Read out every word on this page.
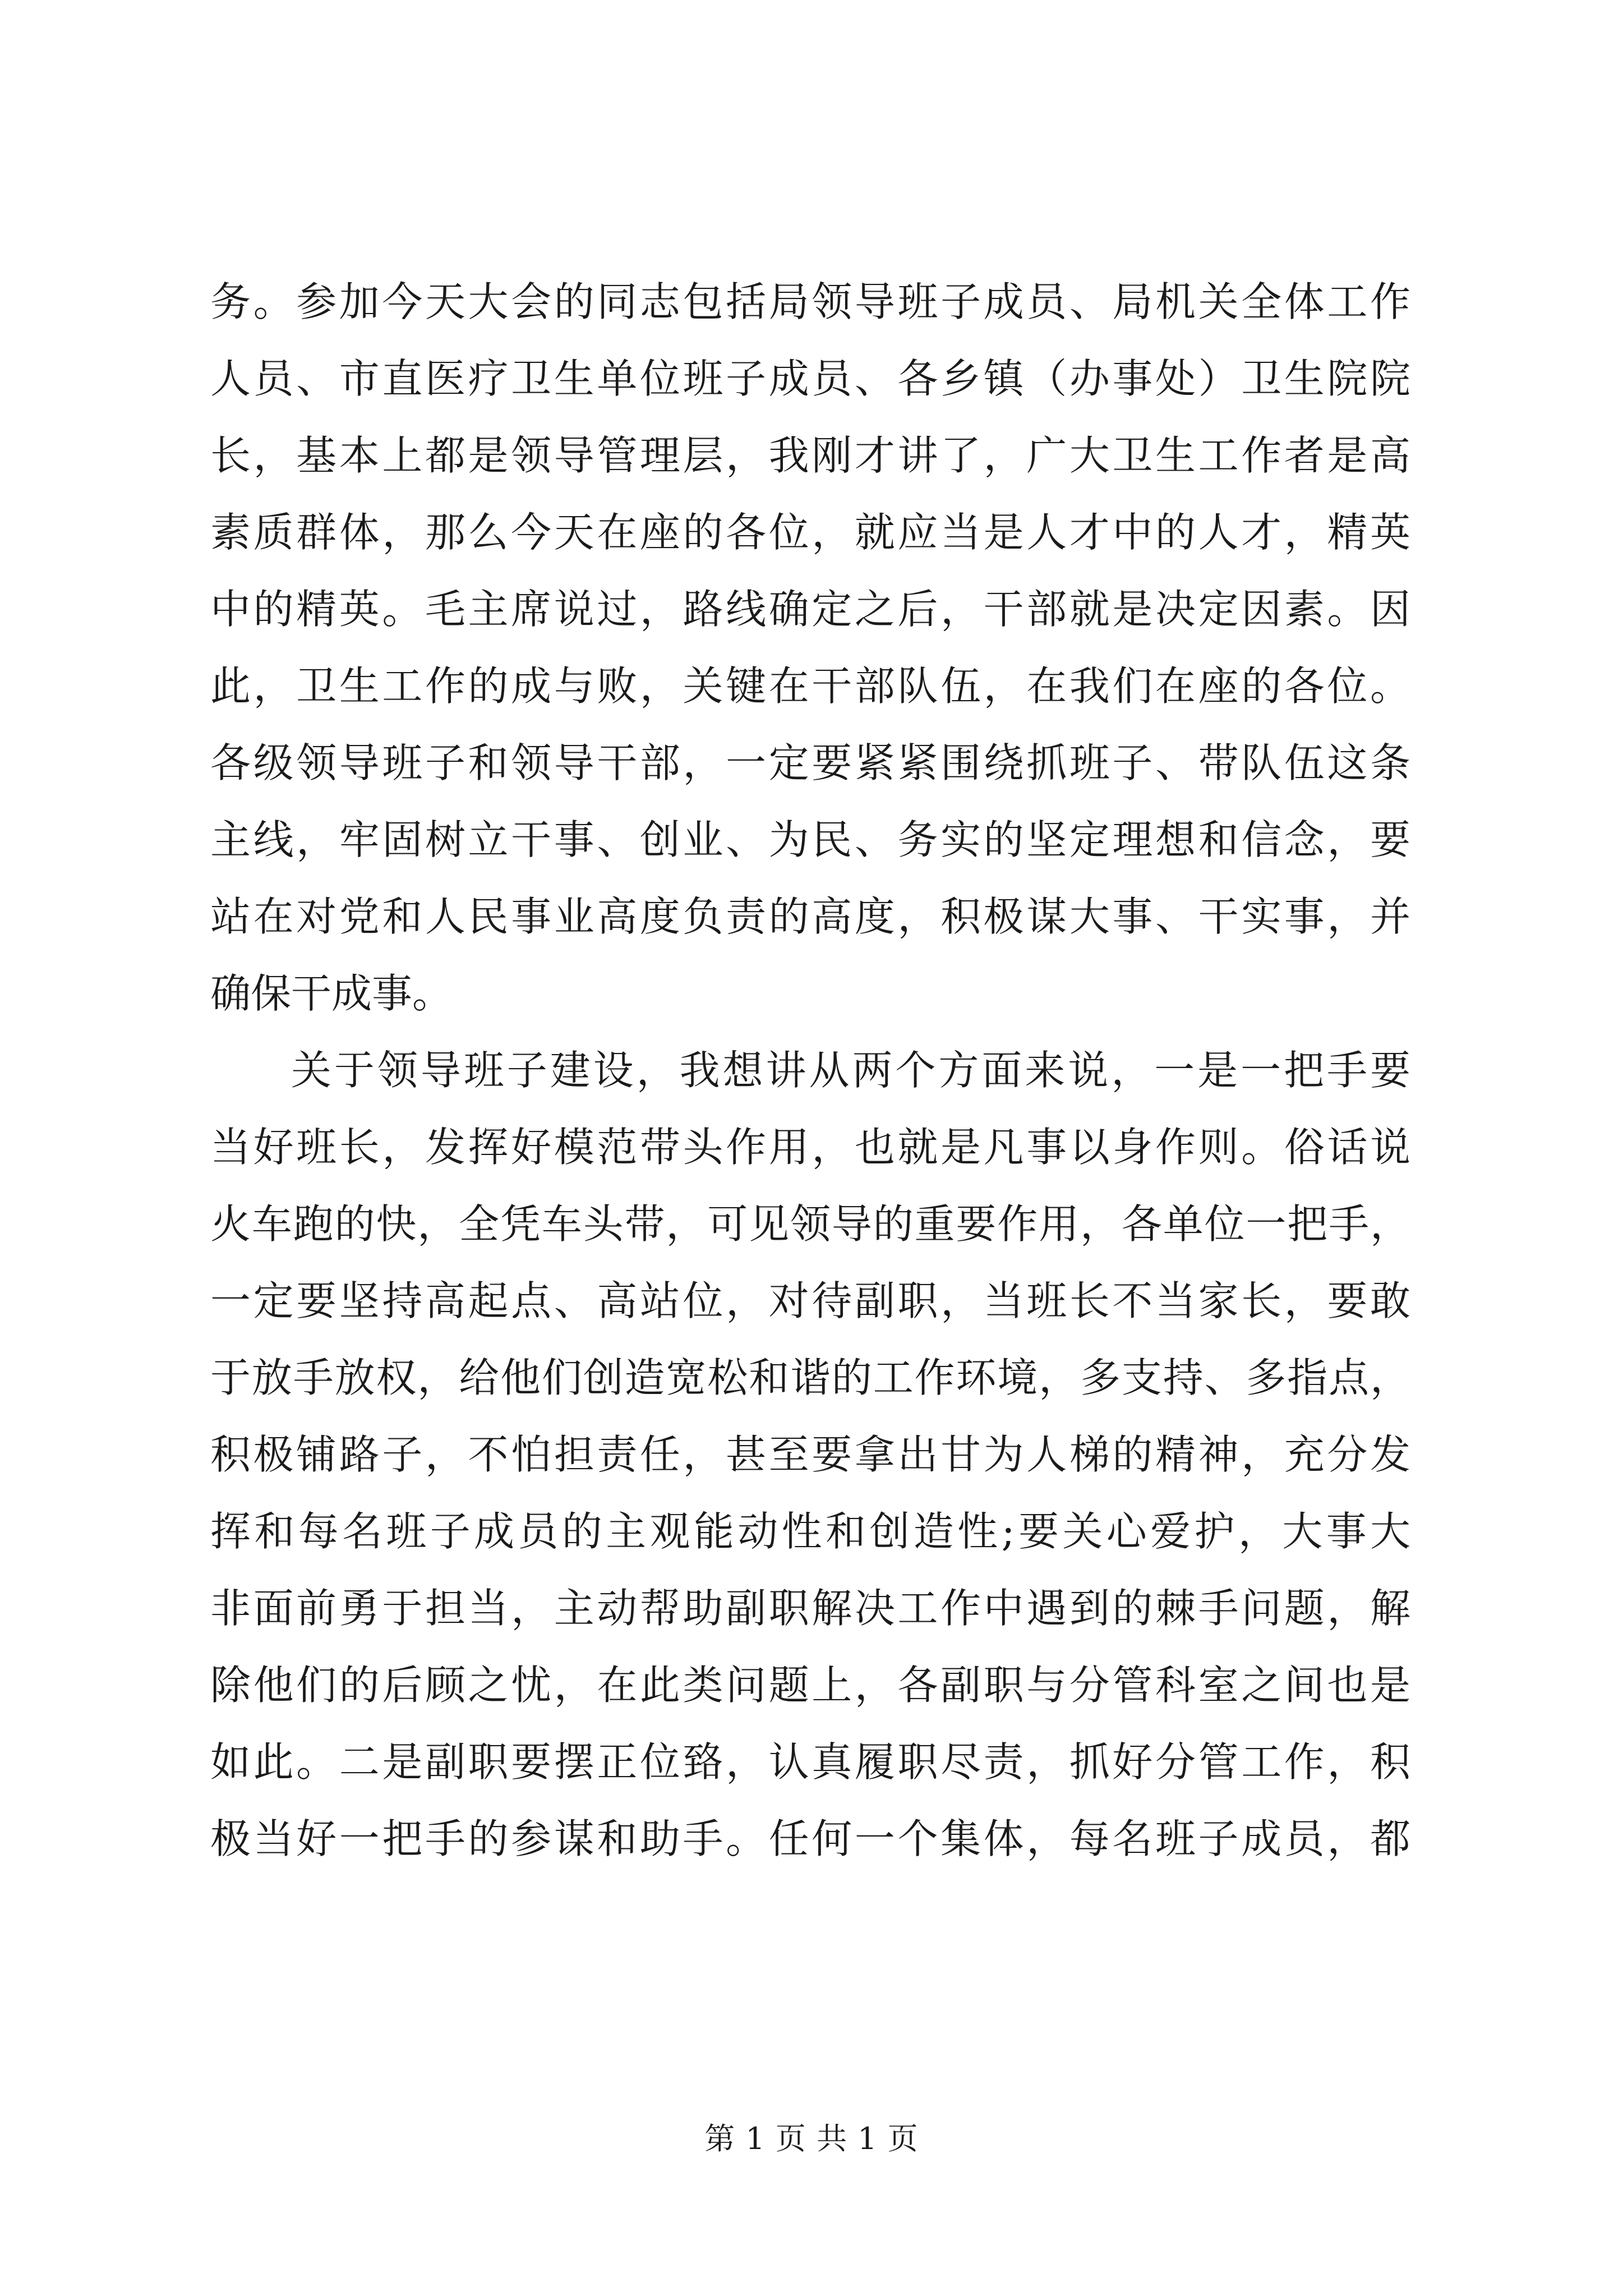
务。参加今天大会的同志包括局领导班子成员、局机关全体工作
人员、市直医疗卫生单位班子成员、各乡镇（办事处）卫生院院
长，基本上都是领导管理层，我刚才讲了，广大卫生工作者是高
素质群体，那么今天在座的各位，就应当是人才中的人才，精英
中的精英。毛主席说过，路线确定之后，干部就是决定因素。因
此，卫生工作的成与败，关键在干部队伍，在我们在座的各位。
各级领导班子和领导干部，一定要紧紧围绕抓班子、带队伍这条
主线，牢固树立干事、创业、为民、务实的坚定理想和信念，要
站在对党和人民事业高度负责的高度，积极谋大事、干实事，并
确保干成事。
关于领导班子建设，我想讲从两个方面来说，一是一把手要
当好班长，发挥好模范带头作用，也就是凡事以身作则。俗话说
火车跑的快，全凭车头带，可见领导的重要作用，各单位一把手，
一定要坚持高起点、高站位，对待副职，当班长不当家长，要敢
于放手放权，给他们创造宽松和谐的工作环境，多支持、多指点，
积极铺路子，不怕担责任，甚至要拿出甘为人梯的精神，充分发
挥和每名班子成员的主观能动性和创造性;要关心爱护，大事大
非面前勇于担当，主动帮助副职解决工作中遇到的棘手问题，解
除他们的后顾之忧，在此类问题上，各副职与分管科室之间也是
如此。二是副职要摆正位臵，认真履职尽责，抓好分管工作，积
极当好一把手的参谋和助手。任何一个集体，每名班子成员，都
第 1 页 共 1 页
